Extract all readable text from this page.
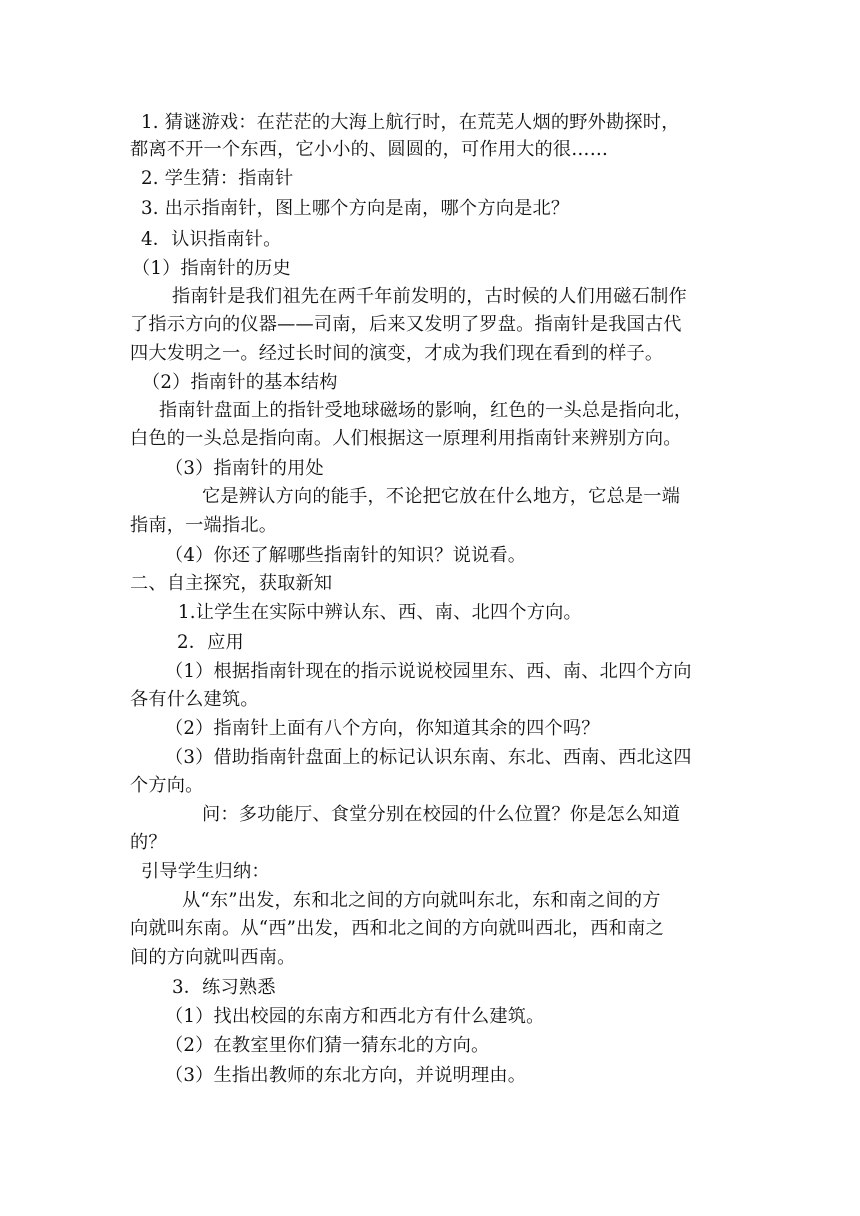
1. 猜谜游戏：在茫茫的大海上航行时，在荒芜人烟的野外勘探时，
都离不开一个东西，它小小的、圆圆的，可作用大的很……
2. 学生猜：指南针
3. 出示指南针，图上哪个方向是南，哪个方向是北？
4．认识指南针。
（1）指南针的历史
指南针是我们祖先在两千年前发明的，古时候的人们用磁石制作
了指示方向的仪器——司南，后来又发明了罗盘。指南针是我国古代
四大发明之一。经过长时间的演变，才成为我们现在看到的样子。
（2）指南针的基本结构
指南针盘面上的指针受地球磁场的影响，红色的一头总是指向北，
白色的一头总是指向南。人们根据这一原理利用指南针来辨别方向。
（3）指南针的用处
它是辨认方向的能手，不论把它放在什么地方，它总是一端
指南，一端指北。
（4）你还了解哪些指南针的知识？说说看。
二、自主探究，获取新知
1.让学生在实际中辨认东、西、南、北四个方向。
2．应用
（1）根据指南针现在的指示说说校园里东、西、南、北四个方向
各有什么建筑。
（2）指南针上面有八个方向，你知道其余的四个吗？
（3）借助指南针盘面上的标记认识东南、东北、西南、西北这四
个方向。
问：多功能厅、食堂分别在校园的什么位置？你是怎么知道
的？
引导学生归纳：
从“东”出发，东和北之间的方向就叫东北，东和南之间的方
向就叫东南。从“西”出发，西和北之间的方向就叫西北，西和南之
间的方向就叫西南。
3．练习熟悉
（1）找出校园的东南方和西北方有什么建筑。
（2）在教室里你们猜一猜东北的方向。
（3）生指出教师的东北方向，并说明理由。
